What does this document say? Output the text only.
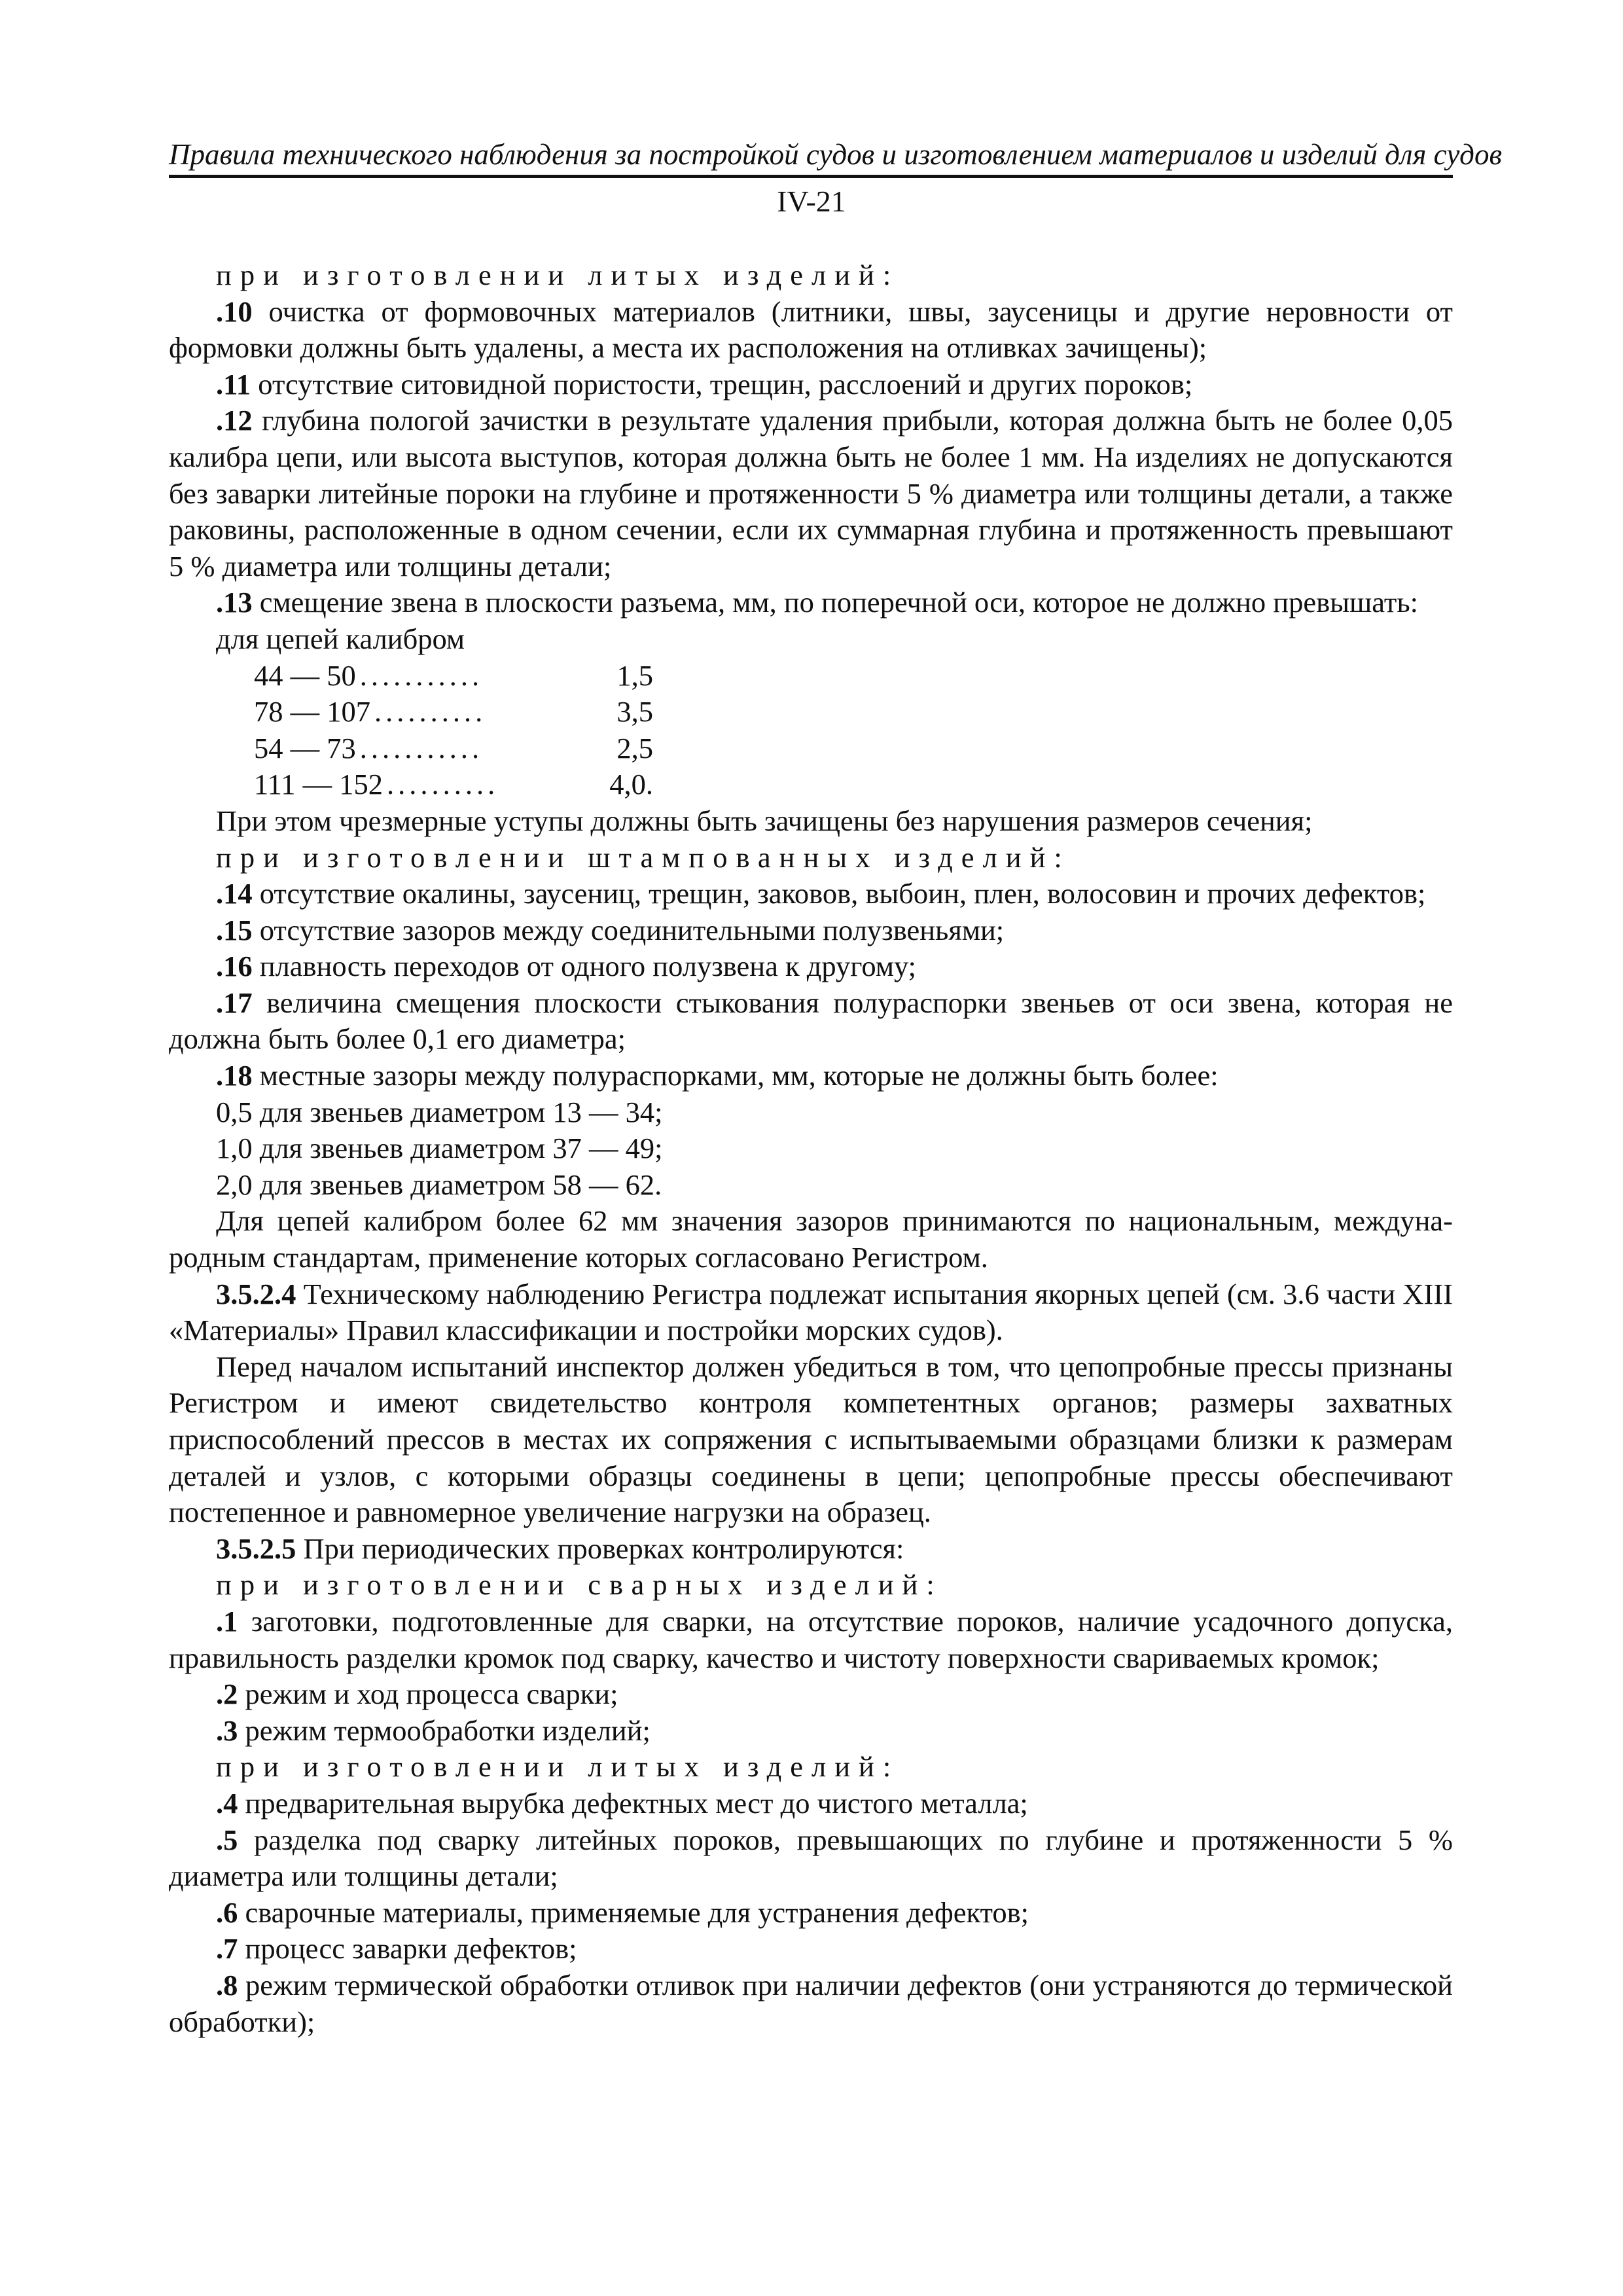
Правила технического наблюдения за постройкой судов и изготовлением материалов и изделий для судов
IV-21

при изготовлении литых изделий:

.10 очистка от формовочных материалов (литники, швы, заусеницы и другие неровности от формовки должны быть удалены, а места их расположения на отливках зачищены);

.11 отсутствие ситовидной пористости, трещин, расслоений и других пороков;

.12 глубина пологой зачистки в результате удаления прибыли, которая должна быть не более 0,05 калибра цепи, или высота выступов, которая должна быть не более 1 мм. На изделиях не допускаются без заварки литейные пороки на глубине и протяженности 5 % диаметра или толщины детали, а также раковины, расположенные в одном сечении, если их суммарная глубина и протяженность превышают 5 % диаметра или толщины детали;

.13 смещение звена в плоскости разъема, мм, по поперечной оси, которое не должно превышать:

для цепей калибром

44 — 50 ...........	1,5
78 — 107 ..........	3,5
54 — 73 ...........	2,5
111 — 152 ..........	4,0.

При этом чрезмерные уступы должны быть зачищены без нарушения размеров сечения;

при изготовлении штампованных изделий:

.14 отсутствие окалины, заусениц, трещин, заковов, выбоин, плен, волосовин и прочих дефектов;

.15 отсутствие зазоров между соединительными полузвеньями;

.16 плавность переходов от одного полузвена к другому;

.17 величина смещения плоскости стыкования полураспорки звеньев от оси звена, которая не должна быть более 0,1 его диаметра;

.18 местные зазоры между полураспорками, мм, которые не должны быть более:

0,5 для звеньев диаметром 13 — 34;

1,0 для звеньев диаметром 37 — 49;

2,0 для звеньев диаметром 58 — 62.

Для цепей калибром более 62 мм значения зазоров принимаются по национальным, междуна-родным стандартам, применение которых согласовано Регистром.

3.5.2.4 Техническому наблюдению Регистра подлежат испытания якорных цепей (см. 3.6 части XIII «Материалы» Правил классификации и постройки морских судов).

Перед началом испытаний инспектор должен убедиться в том, что цепопробные прессы признаны Регистром и имеют свидетельство контроля компетентных органов; размеры захватных приспособлений прессов в местах их сопряжения с испытываемыми образцами близки к размерам деталей и узлов, с которыми образцы соединены в цепи; цепопробные прессы обеспечивают постепенное и равномерное увеличение нагрузки на образец.

3.5.2.5 При периодических проверках контролируются:

при изготовлении сварных изделий:

.1 заготовки, подготовленные для сварки, на отсутствие пороков, наличие усадочного допуска, правильность разделки кромок под сварку, качество и чистоту поверхности свариваемых кромок;

.2 режим и ход процесса сварки;

.3 режим термообработки изделий;

при изготовлении литых изделий:

.4 предварительная вырубка дефектных мест до чистого металла;

.5 разделка под сварку литейных пороков, превышающих по глубине и протяженности 5 % диаметра или толщины детали;

.6 сварочные материалы, применяемые для устранения дефектов;

.7 процесс заварки дефектов;

.8 режим термической обработки отливок при наличии дефектов (они устраняются до термической обработки);
